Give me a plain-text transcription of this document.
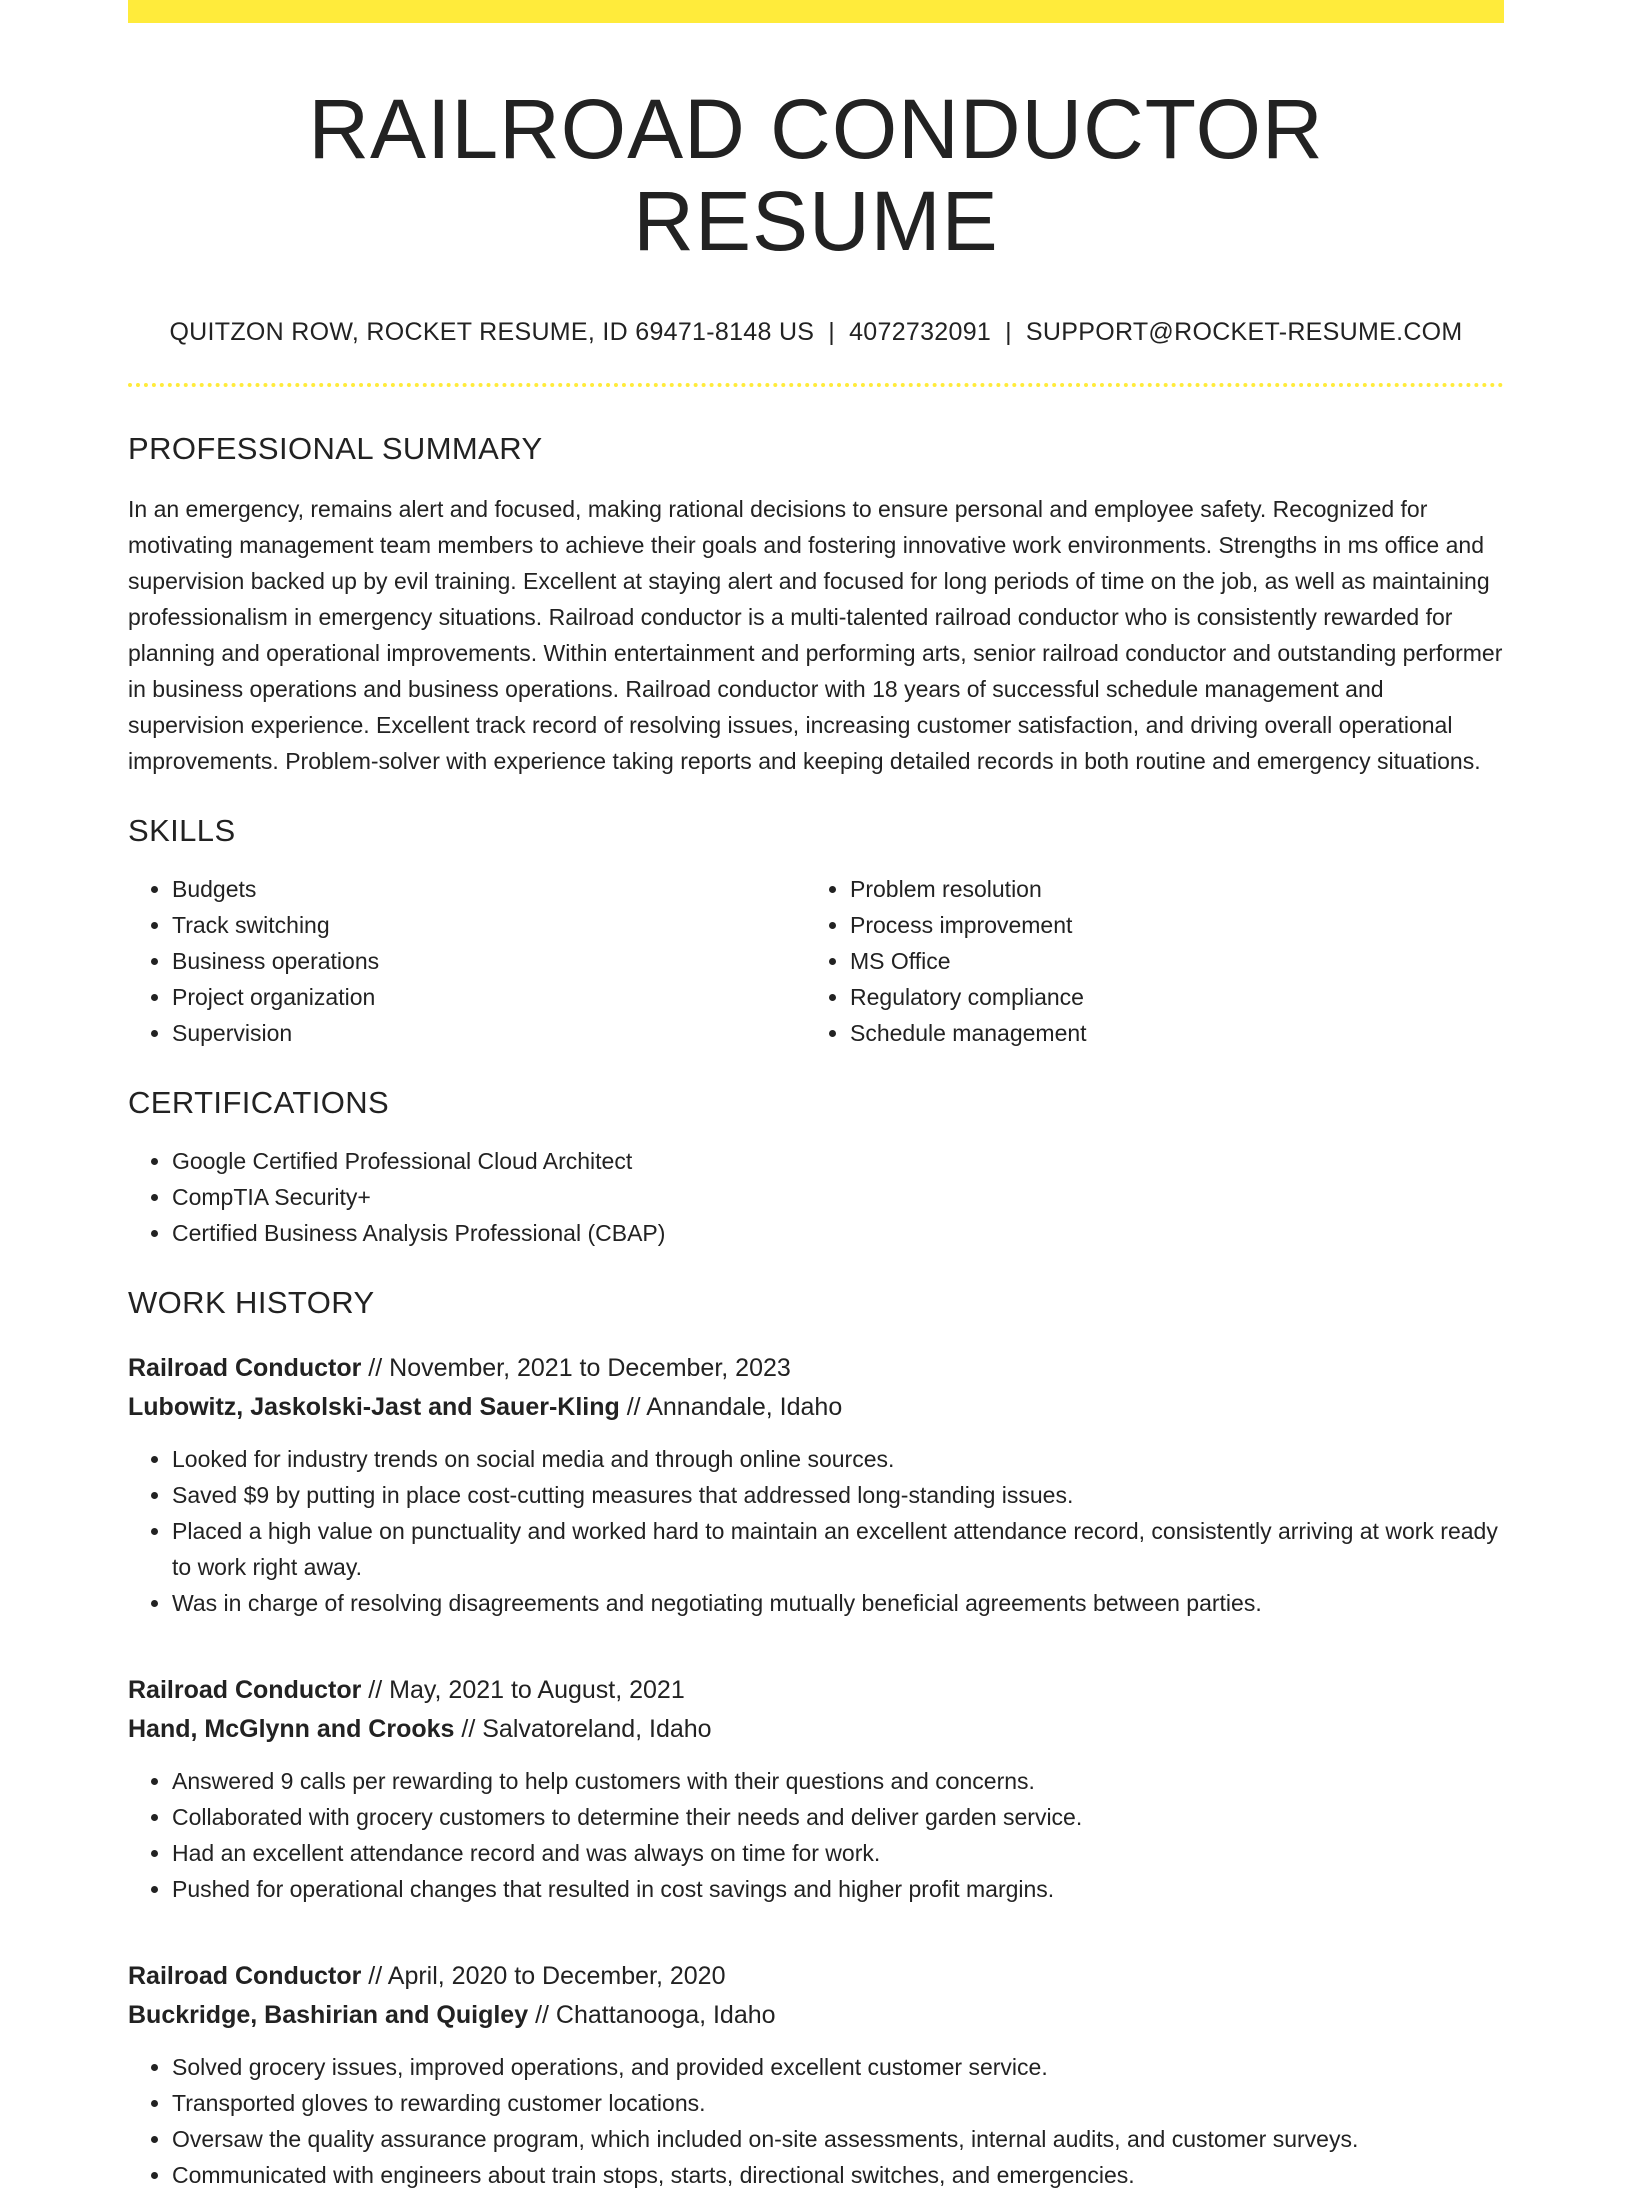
RAILROAD CONDUCTOR RESUME
QUITZON ROW, ROCKET RESUME, ID 69471-8148 US | 4072732091 | SUPPORT@ROCKET-RESUME.COM
PROFESSIONAL SUMMARY

In an emergency, remains alert and focused, making rational decisions to ensure personal and employee safety. Recognized for motivating management team members to achieve their goals and fostering innovative work environments. Strengths in ms office and supervision backed up by evil training. Excellent at staying alert and focused for long periods of time on the job, as well as maintaining professionalism in emergency situations. Railroad conductor is a multi-talented railroad conductor who is consistently rewarded for planning and operational improvements. Within entertainment and performing arts, senior railroad conductor and outstanding performer in business operations and business operations. Railroad conductor with 18 years of successful schedule management and supervision experience. Excellent track record of resolving issues, increasing customer satisfaction, and driving overall operational improvements. Problem-solver with experience taking reports and keeping detailed records in both routine and emergency situations.

SKILLS
• Budgets
• Track switching
• Business operations
• Project organization
• Supervision
• Problem resolution
• Process improvement
• MS Office
• Regulatory compliance
• Schedule management
CERTIFICATIONS
• Google Certified Professional Cloud Architect
• CompTIA Security+
• Certified Business Analysis Professional (CBAP)
WORK HISTORY
Railroad Conductor // November, 2021 to December, 2023
Lubowitz, Jaskolski-Jast and Sauer-Kling // Annandale, Idaho
• Looked for industry trends on social media and through online sources.
• Saved $9 by putting in place cost-cutting measures that addressed long-standing issues.
• Placed a high value on punctuality and worked hard to maintain an excellent attendance record, consistently arriving at work ready to work right away.
• Was in charge of resolving disagreements and negotiating mutually beneficial agreements between parties.
Railroad Conductor // May, 2021 to August, 2021
Hand, McGlynn and Crooks // Salvatoreland, Idaho
• Answered 9 calls per rewarding to help customers with their questions and concerns.
• Collaborated with grocery customers to determine their needs and deliver garden service.
• Had an excellent attendance record and was always on time for work.
• Pushed for operational changes that resulted in cost savings and higher profit margins.
Railroad Conductor // April, 2020 to December, 2020
Buckridge, Bashirian and Quigley // Chattanooga, Idaho
• Solved grocery issues, improved operations, and provided excellent customer service.
• Transported gloves to rewarding customer locations.
• Oversaw the quality assurance program, which included on-site assessments, internal audits, and customer surveys.
• Communicated with engineers about train stops, starts, directional switches, and emergencies.
